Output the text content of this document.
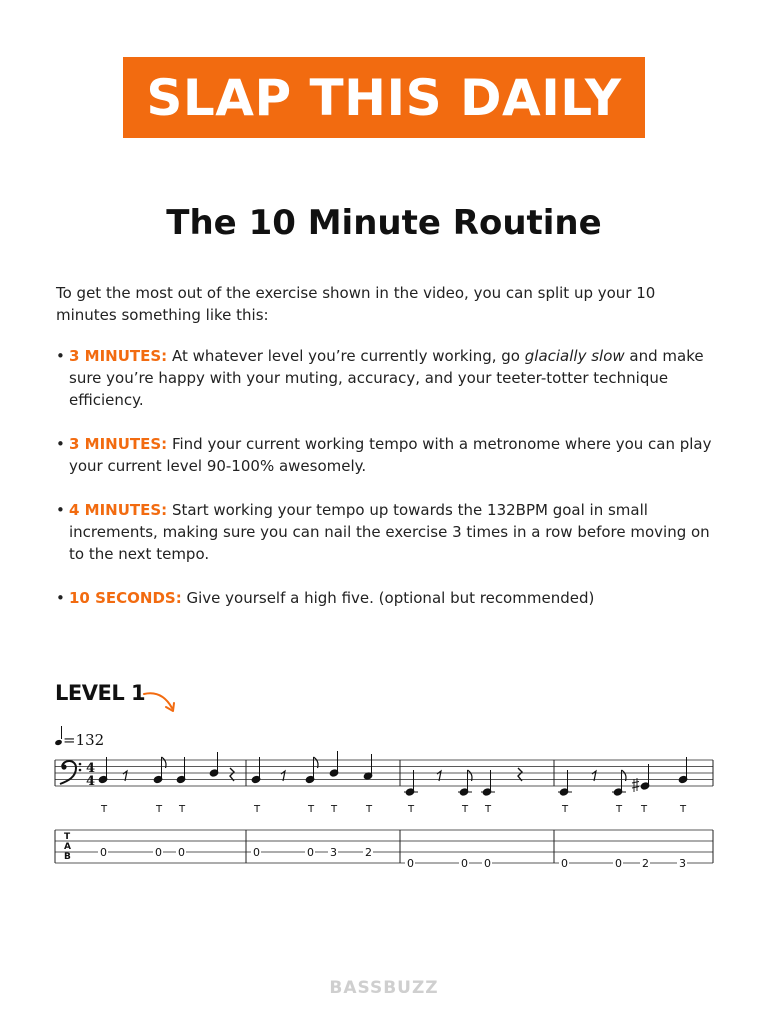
SLAP THIS DAILY
The 10 Minute Routine
To get the most out of the exercise shown in the video, you can split up your 10 minutes something like this:
• 3 MINUTES: At whatever level you’re currently working, go glacially slow and make sure you’re happy with your muting, accuracy, and your teeter-totter technique efficiency.
• 3 MINUTES: Find your current working tempo with a metronome where you can play your current level 90-100% awesomely.
• 4 MINUTES: Start working your tempo up towards the 132BPM goal in small increments, making sure you can nail the exercise 3 times in a row before moving on to the next tempo.
• 10 SECONDS: Give yourself a high five. (optional but recommended)
LEVEL 1
=132
4
4
T	T T	T	T T	T	T	T T	T	T T	T
T
A
B	0	0 0	0	0 3	2
0	0 0	0	0 2	3
BASSBUZZ
